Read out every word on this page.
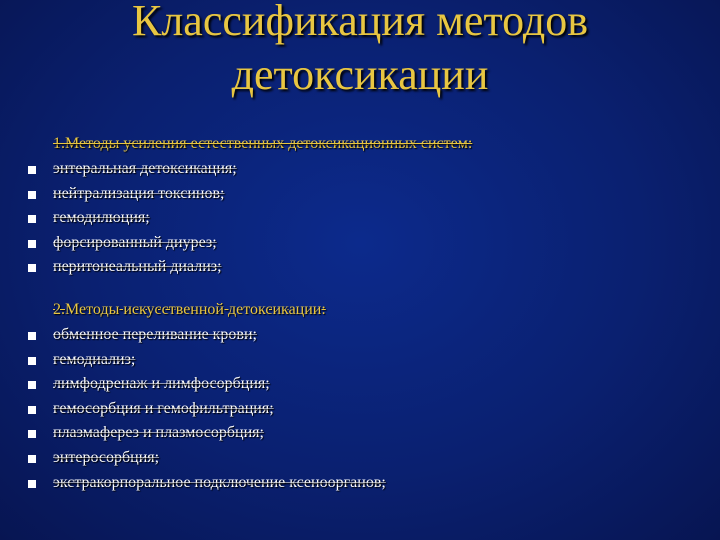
Классификация методов
детоксикации
1.Методы усиления естественных детоксикационных систем:
энтеральная детоксикация;
нейтрализация токсинов;
гемодилюция;
форсированный диурез;
перитонеальный диализ;
2.Методы искусственной детоксикации:
обменное переливание крови;
гемодиализ;
лимфодренаж и лимфосорбция;
гемосорбция и гемофильтрация;
плазмаферез и плазмосорбция;
энтеросорбция;
экстракорпоральное подключение ксеноорганов;
